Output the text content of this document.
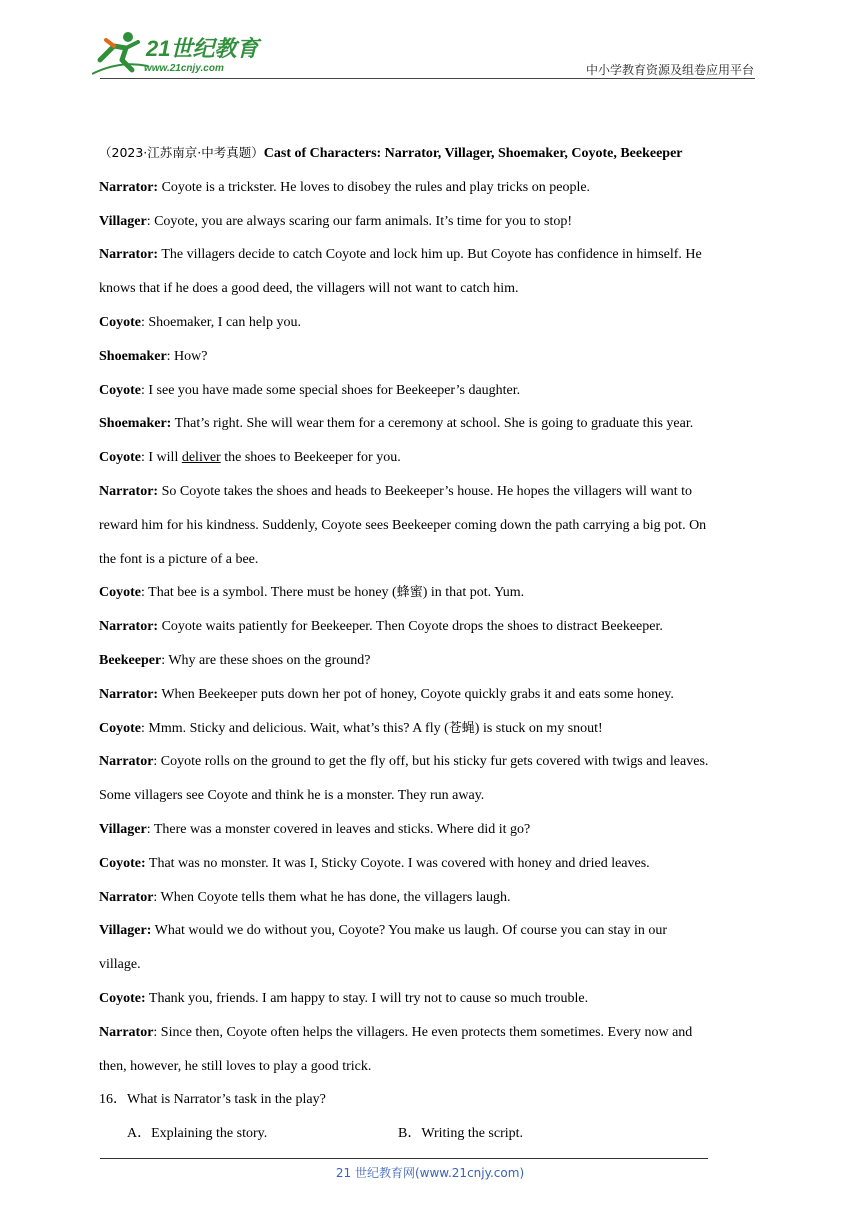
21世纪教育
www.21cnjy.com	中小学教育资源及组卷应用平台
（2023·江苏南京·中考真题）Cast of Characters: Narrator, Villager, Shoemaker, Coyote, Beekeeper
Narrator: Coyote is a trickster. He loves to disobey the rules and play tricks on people.
Villager: Coyote, you are always scaring our farm animals. It’s time for you to stop!
Narrator: The villagers decide to catch Coyote and lock him up. But Coyote has confidence in himself. He
knows that if he does a good deed, the villagers will not want to catch him.
Coyote: Shoemaker, I can help you.
Shoemaker: How?
Coyote: I see you have made some special shoes for Beekeeper’s daughter.
Shoemaker: That’s right. She will wear them for a ceremony at school. She is going to graduate this year.
Coyote: I will deliver the shoes to Beekeeper for you.
Narrator: So Coyote takes the shoes and heads to Beekeeper’s house. He hopes the villagers will want to
reward him for his kindness. Suddenly, Coyote sees Beekeeper coming down the path carrying a big pot. On
the font is a picture of a bee.
Coyote: That bee is a symbol. There must be honey (蜂蜜) in that pot. Yum.
Narrator: Coyote waits patiently for Beekeeper. Then Coyote drops the shoes to distract Beekeeper.
Beekeeper: Why are these shoes on the ground?
Narrator: When Beekeeper puts down her pot of honey, Coyote quickly grabs it and eats some honey.
Coyote: Mmm. Sticky and delicious. Wait, what’s this? A fly (苍蝇) is stuck on my snout!
Narrator: Coyote rolls on the ground to get the fly off, but his sticky fur gets covered with twigs and leaves.
Some villagers see Coyote and think he is a monster. They run away.
Villager: There was a monster covered in leaves and sticks. Where did it go?
Coyote: That was no monster. It was I, Sticky Coyote. I was covered with honey and dried leaves.
Narrator: When Coyote tells them what he has done, the villagers laugh.
Villager: What would we do without you, Coyote? You make us laugh. Of course you can stay in our
village.
Coyote: Thank you, friends. I am happy to stay. I will try not to cause so much trouble.
Narrator: Since then, Coyote often helps the villagers. He even protects them sometimes. Every now and
then, however, he still loves to play a good trick.
16．What is Narrator’s task in the play?
A．Explaining the story.	B．Writing the script.
21 世纪教育网(www.21cnjy.com)
